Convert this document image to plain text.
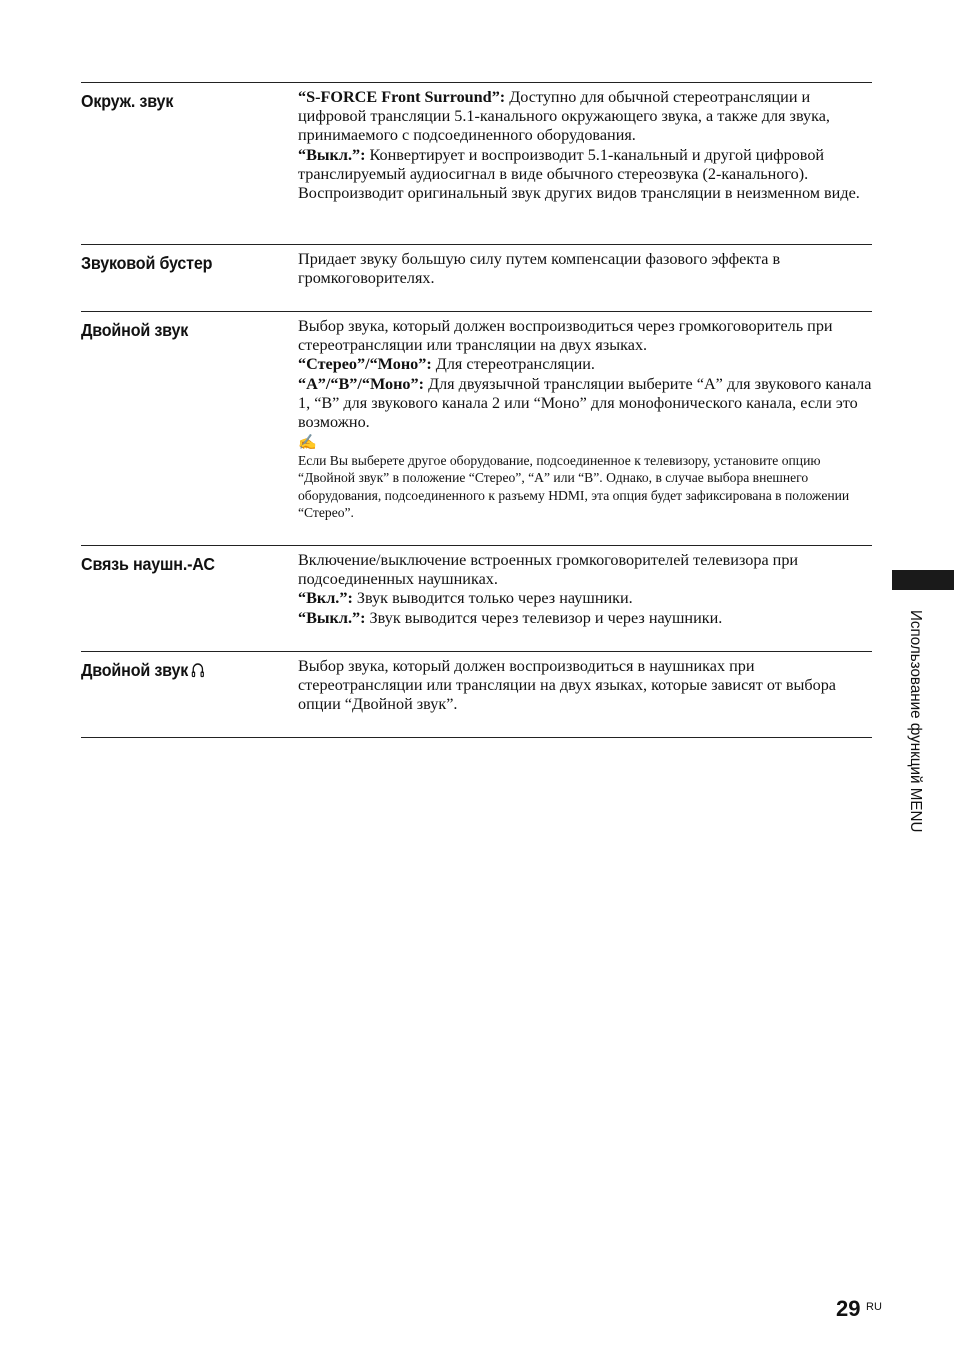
Окруж. звук	“S-FORCE Front Surround”: Доступно для обычной стереотрансляции и цифровой трансляции 5.1-канального окружающего звука, а также для звука, принимаемого с подсоединенного оборудования.

“Выкл.”: Конвертирует и воспроизводит 5.1-канальный и другой цифровой транслируемый аудиосигнал в виде обычного стереозвука (2-канального). Воспроизводит оригинальный звук других видов трансляции в неизменном виде.

Звуковой бустер	Придает звуку большую силу путем компенсации фазового эффекта в громкоговорителях.

Двойной звук	Выбор звука, который должен воспроизводиться через громкоговоритель при стереотрансляции или трансляции на двух языках.

“Стерео”/“Моно”: Для стереотрансляции.

“A”/“B”/“Моно”: Для двуязычной трансляции выберите “A” для звукового канала 1, “B” для звукового канала 2 или “Моно” для монофонического канала, если это возможно.

✍

Если Вы выберете другое оборудование, подсоединенное к телевизору, установите опцию “Двойной звук” в положение “Стерео”, “A” или “B”. Однако, в случае выбора внешнего оборудования, подсоединенного к разъему HDMI, эта опция будет зафиксирована в положении “Стерео”.

Связь наушн.-АС	Включение/выключение встроенных громкоговорителей телевизора при подсоединенных наушниках.

“Вкл.”: Звук выводится только через наушники.

“Выкл.”: Звук выводится через телевизор и через наушники.

Двойной звук	Выбор звука, который должен воспроизводиться в наушниках при стереотрансляции или трансляции на двух языках, которые зависят от выбора опции “Двойной звук”.	Использование функций MENU
29 RU
